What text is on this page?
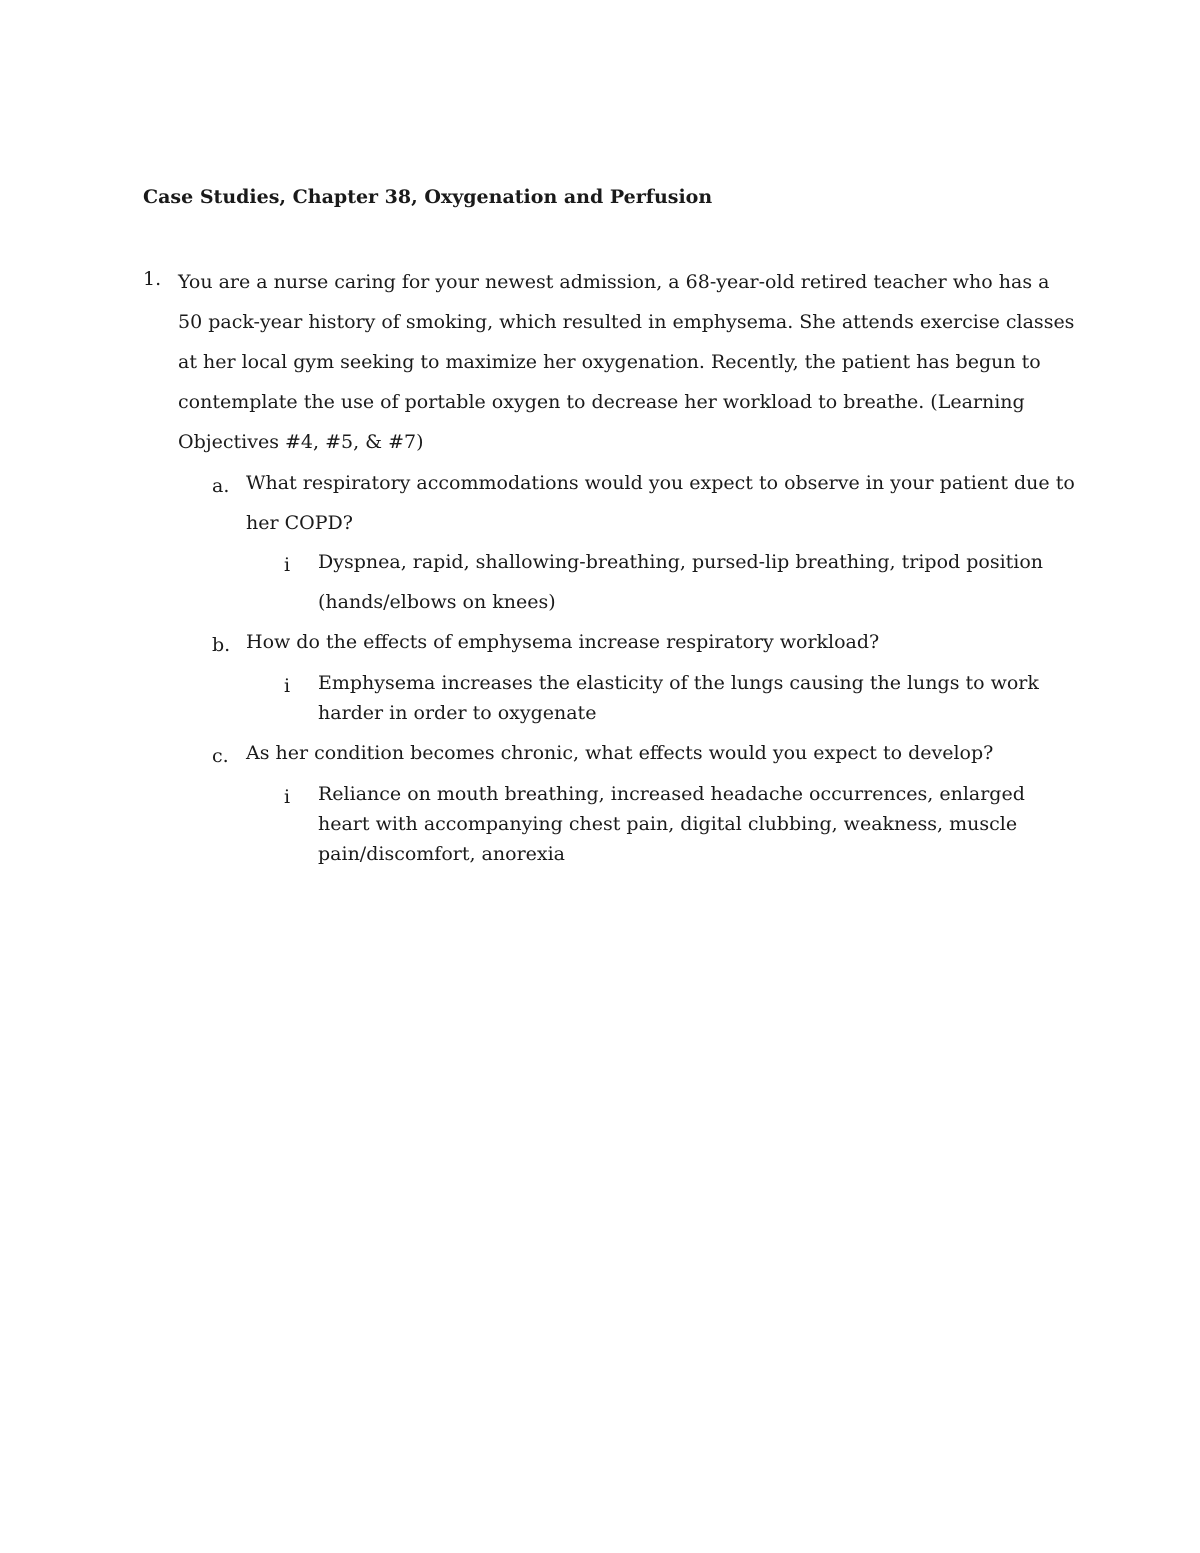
Case Studies, Chapter 38, Oxygenation and Perfusion
1. You are a nurse caring for your newest admission, a 68-year-old retired teacher who has a 50 pack-year history of smoking, which resulted in emphysema. She attends exercise classes at her local gym seeking to maximize her oxygenation. Recently, the patient has begun to contemplate the use of portable oxygen to decrease her workload to breathe. (Learning Objectives #4, #5, & #7)
a. What respiratory accommodations would you expect to observe in your patient due to her COPD?
i Dyspnea, rapid, shallowing-breathing, pursed-lip breathing, tripod position (hands/elbows on knees)
b. How do the effects of emphysema increase respiratory workload?
i Emphysema increases the elasticity of the lungs causing the lungs to work harder in order to oxygenate
c. As her condition becomes chronic, what effects would you expect to develop?
i Reliance on mouth breathing, increased headache occurrences, enlarged heart with accompanying chest pain, digital clubbing, weakness, muscle pain/discomfort, anorexia
